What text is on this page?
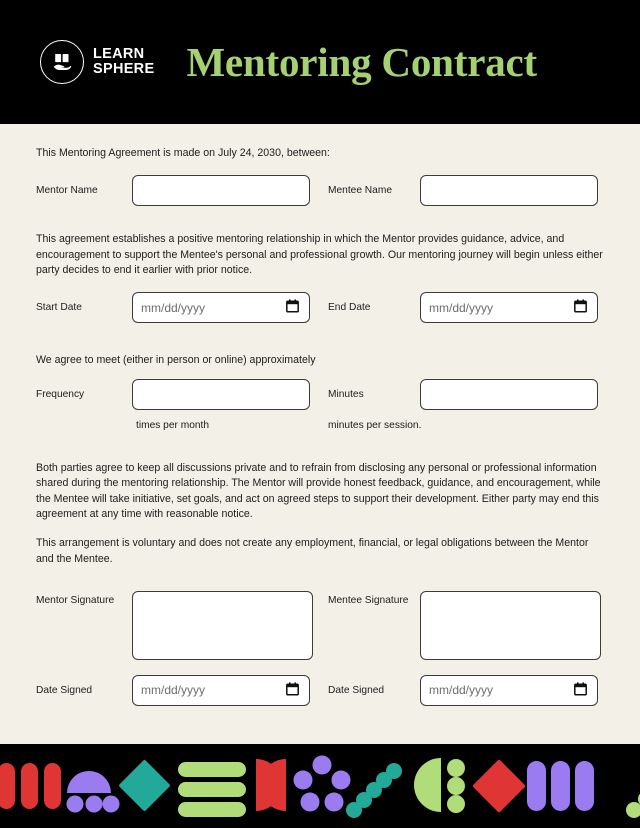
LEARN
SPHERE Mentoring Contract

This Mentoring Agreement is made on July 24, 2030, between:

Mentor Name	Mentee Name

This agreement establishes a positive mentoring relationship in which the Mentor provides guidance, advice, and encouragement to support the Mentee's personal and professional growth. Our mentoring journey will begin unless either party decides to end it earlier with prior notice.

Start Date	mm/dd/yyyy	End Date	mm/dd/yyyy

We agree to meet (either in person or online) approximately

Frequency	Minutes
times per month	minutes per session.

Both parties agree to keep all discussions private and to refrain from disclosing any personal or professional information shared during the mentoring relationship. The Mentor will provide honest feedback, guidance, and encouragement, while the Mentee will take initiative, set goals, and act on agreed steps to support their development. Either party may end this agreement at any time with reasonable notice.

This arrangement is voluntary and does not create any employment, financial, or legal obligations between the Mentor and the Mentee.

Mentor Signature	Mentee Signature
Date Signed	mm/dd/yyyy	Date Signed	mm/dd/yyyy
